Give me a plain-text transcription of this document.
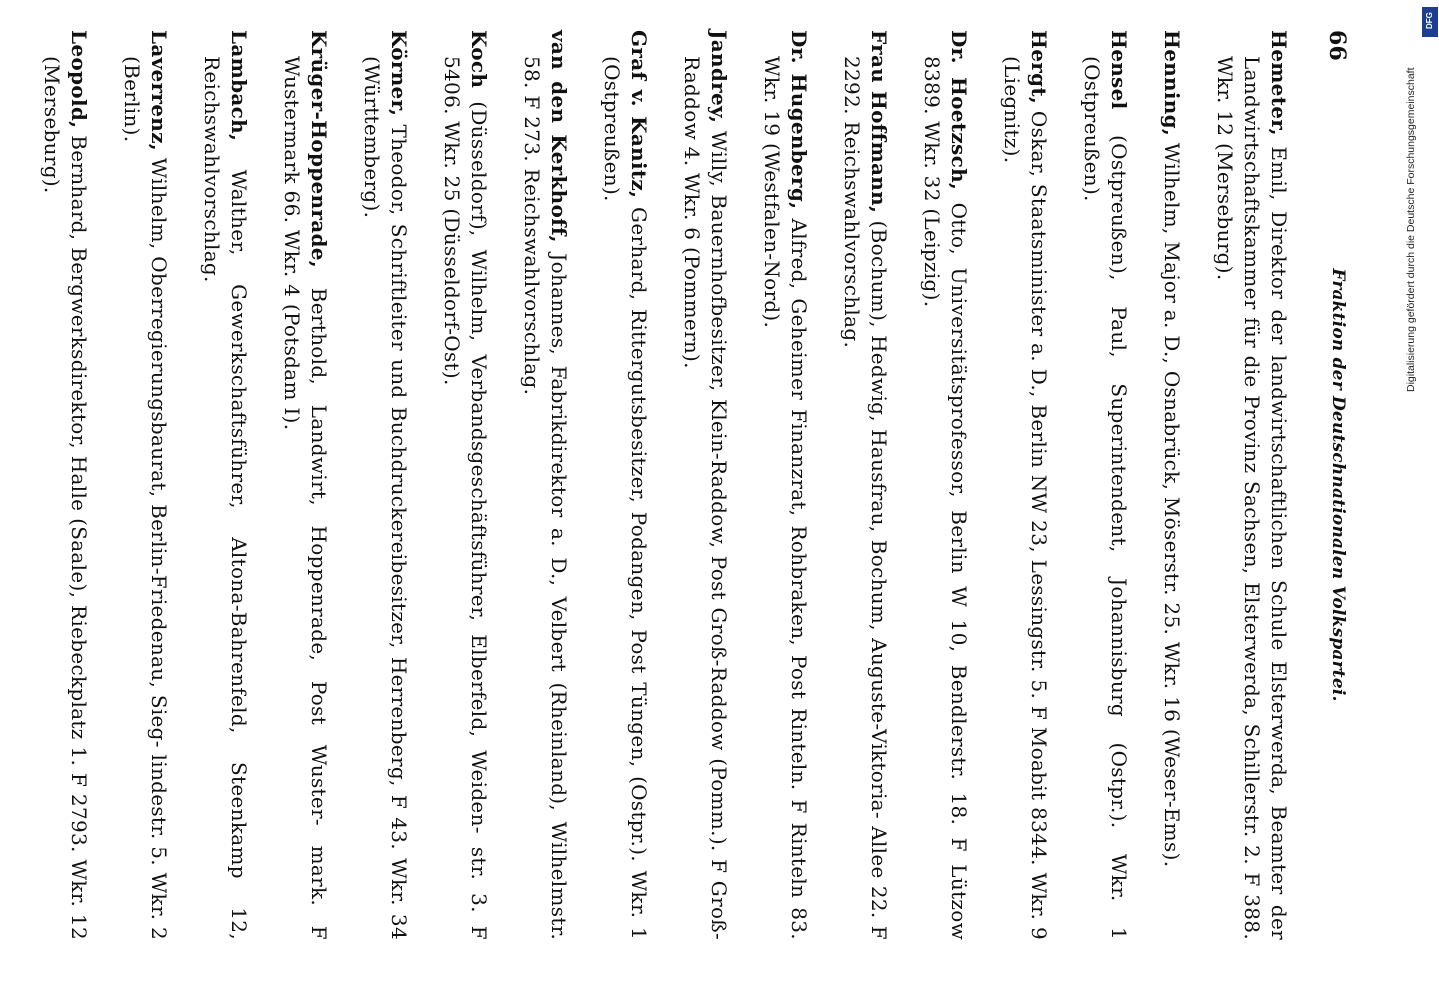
66
Fraktion der Deutschnationalen Volkspartei.

Hemeter, Emil, Direktor der landwirtschaftlichen Schule Elsterwerda, Beamter der Landwirtschaftskammer für die Provinz Sachsen, Elsterwerda, Schillerstr. 2. F 388. Wkr. 12 (Merseburg).

Henning, Wilhelm, Major a. D., Osnabrück, Möserstr. 25. Wkr. 16 (Weser-Ems).

Hensel (Ostpreußen), Paul, Superintendent, Johannisburg (Ostpr.). Wkr. 1 (Ostpreußen).

Hergt, Oskar, Staatsminister a. D., Berlin NW 23, Lessingstr. 5. F Moabit 8344. Wkr. 9 (Liegnitz).

Dr. Hoetzsch, Otto, Universitätsprofessor, Berlin W 10, Bendlerstr. 18. F Lützow 8389. Wkr. 32 (Leipzig).

Frau Hoffmann, (Bochum), Hedwig, Hausfrau, Bochum, Auguste-Viktoria- Allee 22. F 2292. Reichswahlvorschlag.

Dr. Hugenberg, Alfred, Geheimer Finanzrat, Rohbraken, Post Rinteln. F Rinteln 83. Wkr. 19 (Westfalen-Nord).

Jandrey, Willy, Bauernhofbesitzer, Klein-Raddow, Post Groß-Raddow (Pomm.). F Groß-Raddow 4. Wkr. 6 (Pommern).

Graf v. Kanitz, Gerhard, Rittergutsbesitzer, Podangen, Post Tüngen, (Ostpr.). Wkr. 1 (Ostpreußen).

van den Kerkhoff, Johannes, Fabrikdirektor a. D., Velbert (Rheinland), Wilhelmstr. 58. F 273. Reichswahlvorschlag.

Koch (Düsseldorf), Wilhelm, Verbandsgeschäftsführer, Elberfeld, Weiden- str. 3. F 5406. Wkr. 25 (Düsseldorf-Ost).

Körner, Theodor, Schriftleiter und Buchdruckereibesitzer, Herrenberg, F 43. Wkr. 34 (Württemberg).

Krüger-Hoppenrade, Berthold, Landwirt, Hoppenrade, Post Wuster- mark. F Wustermark 66. Wkr. 4 (Potsdam I).

Lambach, Walther, Gewerkschaftsführer, Altona-Bahrenfeld, Steenkamp 12, Reichswahlvorschlag.

Laverrenz, Wilhelm, Oberregierungsbaurat, Berlin-Friedenau, Sieg- lindestr. 5. Wkr. 2 (Berlin).

Leopold, Bernhard, Bergwerksdirektor, Halle (Saale), Riebeckplatz 1. F 2793. Wkr. 12 (Merseburg).	Digitalisierung gefördert durch die Deutsche Forschungsgemeinschaft
DFG
